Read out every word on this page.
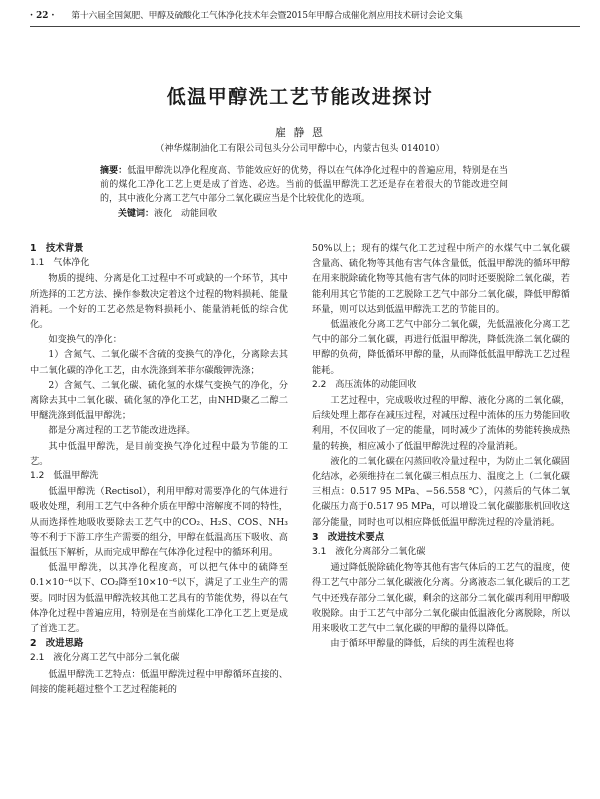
· 22 · 第十六届全国氮肥、甲醇及硫酸化工气体净化技术年会暨2015年甲醇合成催化剂应用技术研讨会论文集
低温甲醇洗工艺节能改进探讨
雇 静 恩
（神华煤制油化工有限公司包头分公司甲醇中心，内蒙古包头 014010）
摘要：低温甲醇洗以净化程度高、节能效应好的优势，得以在气体净化过程中的普遍应用，特别是在当前的煤化工净化工艺上更是成了首选、必选。当前的低温甲醇洗工艺还是存在着很大的节能改进空间的，其中液化分离工艺气中部分二氧化碳应当是个比较优化的选项。
关键词：液化　动能回收
1　技术背景
1.1　气体净化

物质的提纯、分离是化工过程中不可或缺的一个环节，其中所选择的工艺方法、操作参数决定着这个过程的物料损耗、能量消耗。一个好的工艺必然是物料损耗小、能量消耗低的综合优化。

如变换气的净化：

1）含氮气、二氧化碳不含硫的变换气的净化，分离除去其中二氧化碳的净化工艺，由水洗涤到苯菲尔碳酸钾洗涤；

2）含氮气、二氧化碳、硫化氢的水煤气变换气的净化，分离除去其中二氧化碳、硫化氢的净化工艺，由NHD聚乙二醇二甲醚洗涤到低温甲醇洗；

都是分离过程的工艺节能改进选择。

其中低温甲醇洗，是目前变换气净化过程中最为节能的工艺。

1.2　低温甲醇洗

低温甲醇洗（Rectisol），利用甲醇对需要净化的气体进行吸收处理，利用工艺气中各种介质在甲醇中溶解度不同的特性，从而选择性地吸收要除去工艺气中的CO₂、H₂S、COS、NH₃等不利于下游工序生产需要的组分，甲醇在低温高压下吸收、高温低压下解析，从而完成甲醇在气体净化过程中的循环利用。

低温甲醇洗，以其净化程度高，可以把气体中的硫降至0.1×10⁻⁶以下、CO₂降至10×10⁻⁶以下，满足了工业生产的需要。同时因为低温甲醇洗较其他工艺具有的节能优势，得以在气体净化过程中普遍应用，特别是在当前煤化工净化工艺上更是成了首选工艺。

2　改进思路
2.1　液化分离工艺气中部分二氧化碳

低温甲醇洗工艺特点：低温甲醇洗过程中甲醇循环直接的、间接的能耗超过整个工艺过程能耗的

50%以上；现有的煤气化工艺过程中所产的水煤气中二氧化碳含量高、硫化物等其他有害气体含量低，低温甲醇洗的循环甲醇在用来脱除硫化物等其他有害气体的同时还要脱除二氧化碳，若能利用其它节能的工艺脱除工艺气中部分二氧化碳，降低甲醇循环量，则可以达到低温甲醇洗工艺的节能目的。

低温液化分离工艺气中部分二氧化碳，先低温液化分离工艺气中的部分二氧化碳，再进行低温甲醇洗，降低洗涤二氧化碳的甲醇的负荷，降低循环甲醇的量，从而降低低温甲醇洗工艺过程能耗。

2.2　高压流体的动能回收

工艺过程中，完成吸收过程的甲醇、液化分离的二氧化碳，后续处理上都存在减压过程，对减压过程中流体的压力势能回收利用，不仅回收了一定的能量，同时减少了流体的势能转换成热量的转换，相应减小了低温甲醇洗过程的冷量消耗。

液化的二氧化碳在闪蒸回收冷量过程中，为防止二氧化碳固化结冰，必须维持在二氧化碳三相点压力、温度之上（二氧化碳三相点：0.517 95 MPa、−56.558 ℃），闪蒸后的气体二氧化碳压力高于0.517 95 MPa，可以增设二氧化碳膨胀机回收这部分能量，同时也可以相应降低低温甲醇洗过程的冷量消耗。

3　改进技术要点
3.1　液化分离部分二氧化碳

通过降低脱除硫化物等其他有害气体后的工艺气的温度，使得工艺气中部分二氧化碳液化分离。分离液态二氧化碳后的工艺气中还残存部分二氧化碳，剩余的这部分二氧化碳再利用甲醇吸收脱除。由于工艺气中部分二氧化碳由低温液化分离脱除，所以用来吸收工艺气中二氧化碳的甲醇的量得以降低。

由于循环甲醇量的降低，后续的再生流程也将
